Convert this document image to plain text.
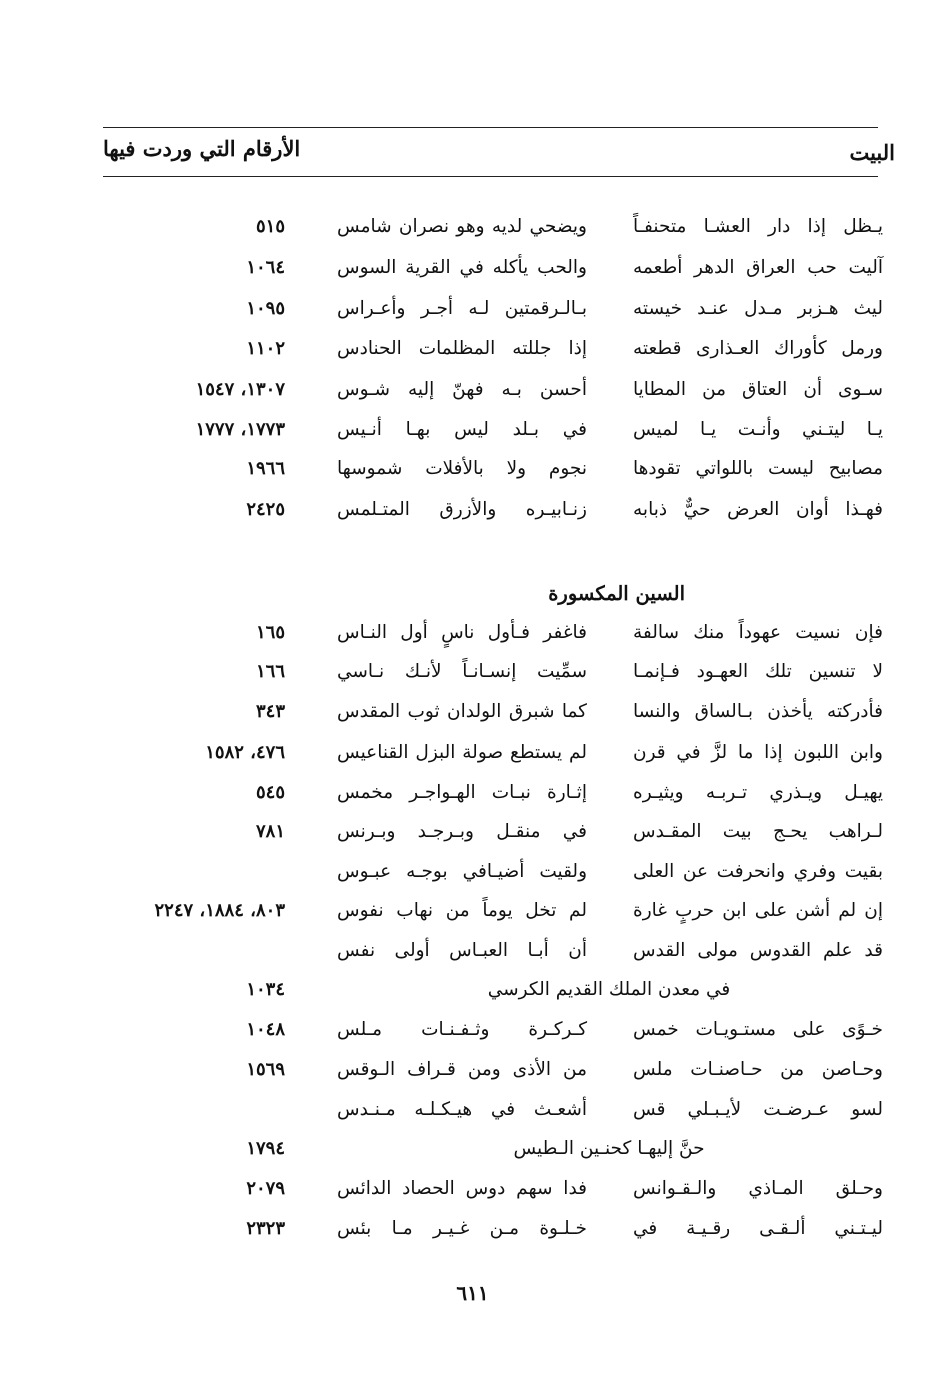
البيت
الأرقام التي وردت فيها
يـظل إذا دار العشـا متحنفـاً
ويضحي لديه وهو نصران شامس
٥١٥
آليت حب العراق الدهر أطعمه
والحب يأكله في القرية السوس
١٠٦٤
ليث هـزبر مـدل عنـد خيسته
بـالـرقمتين لـه أجـر وأعـراس
١٠٩٥
ورمل كأوراك العـذارى قطعته
إذا جللته المظلمات الحنادس
١١٠٢
سـوى أن العتاق من المطايا
أحسن بـه فهنّ إليه شـوس
١٣٠٧، ١٥٤٧
يـا ليتـني وأنـت يـا لميس
في بـلد ليس بهـا أنـيس
١٧٧٣، ١٧٧٧
مصابيح ليست باللواتي تقودها
نجوم ولا بالأفلات شموسها
١٩٦٦
فهـذا أوان العرض حيٌّ ذبابه
زنـابيـره والأزرق المتـلمس
٢٤٢٥
السين المكسورة
فإن نسيت عهوداً منك سالفة
فاغفر فـأول ناسٍ أول النـاس
١٦٥
لا تنسين تلك العهـود فـإنمـا
سمِّيت إنسـانـاً لأنـك نـاسي
١٦٦
فأدركته يأخذن بـالساق والنسا
كما شبرق الولدان ثوب المقدس
٣٤٣
وابن اللبون إذا ما لزَّ في قرن
لم يستطع صولة البزل القناعيس
٤٧٦، ١٥٨٢
يهيـل ويـذري تـربـه ويثيـره
إثـارة نبـات الهـواجـر مخمس
٥٤٥
لـراهب يحـج بيت المقـدس
في منقـل وبـرجـد وبـرنس
٧٨١
بقيت وفري وانحرفت عن العلى
ولقيت أضيـافي بوجـه عبـوس
إن لم أشن على ابن حربٍ غارة
لم تخل يوماً من نهاب نفوس
٨٠٣، ١٨٨٤، ٢٢٤٧
قد علم القدوس مولى القدس
أن أبـا العبـاس أولى نفس
في معدن الملك القديم الكرسي
١٠٣٤
خـوًى على مستـويـات خمس
كـركـرة وثـفـنـات مـلس
١٠٤٨
وحـاصن من حـاصنـات ملس
من الأذى ومن قـراف الـوقس
١٥٦٩
لسو عـرضـت لأيـبـلي قس
أشعـث في هيـكـلـه مـنـدس
حنَّ إليهـا كحنـين الـطيس
١٧٩٤
وحـلق المـاذي والـقـوانس
فدا سهم دوس الحصاد الدائس
٢٠٧٩
ليـتـني ألـقـى رقـيـة في
خـلـوة مـن غـيـر مـا بئس
٢٣٢٣
٦١١
